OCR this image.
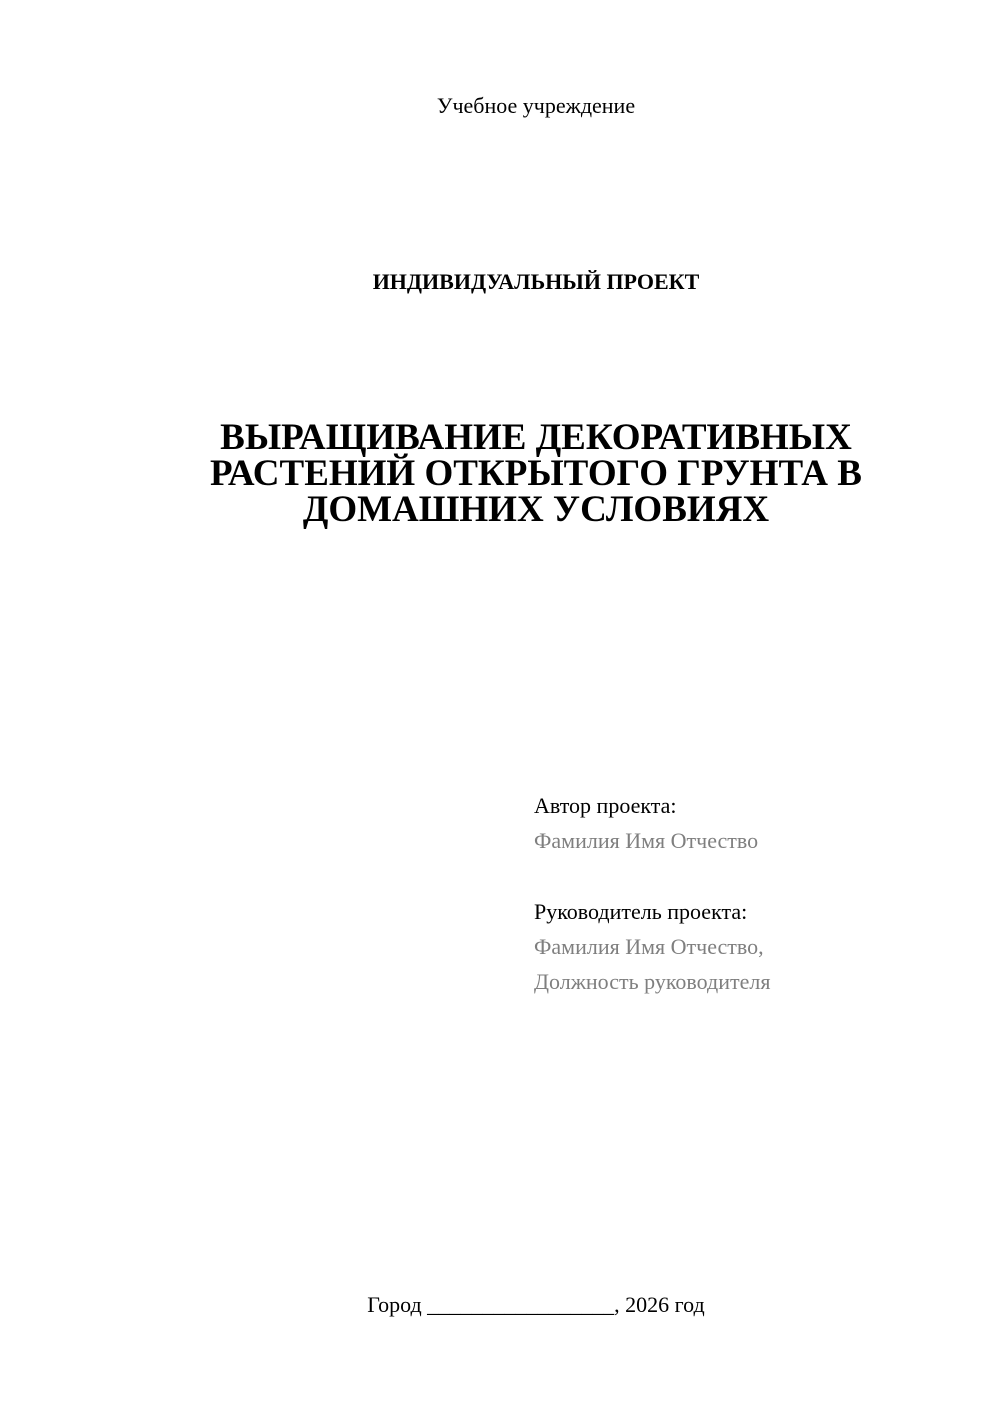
Учебное учреждение
ИНДИВИДУАЛЬНЫЙ ПРОЕКТ
ВЫРАЩИВАНИЕ ДЕКОРАТИВНЫХ
РАСТЕНИЙ ОТКРЫТОГО ГРУНТА В
ДОМАШНИХ УСЛОВИЯХ
Автор проекта:
Фамилия Имя Отчество
Руководитель проекта:
Фамилия Имя Отчество,
Должность руководителя
Город _________________, 2026 год
